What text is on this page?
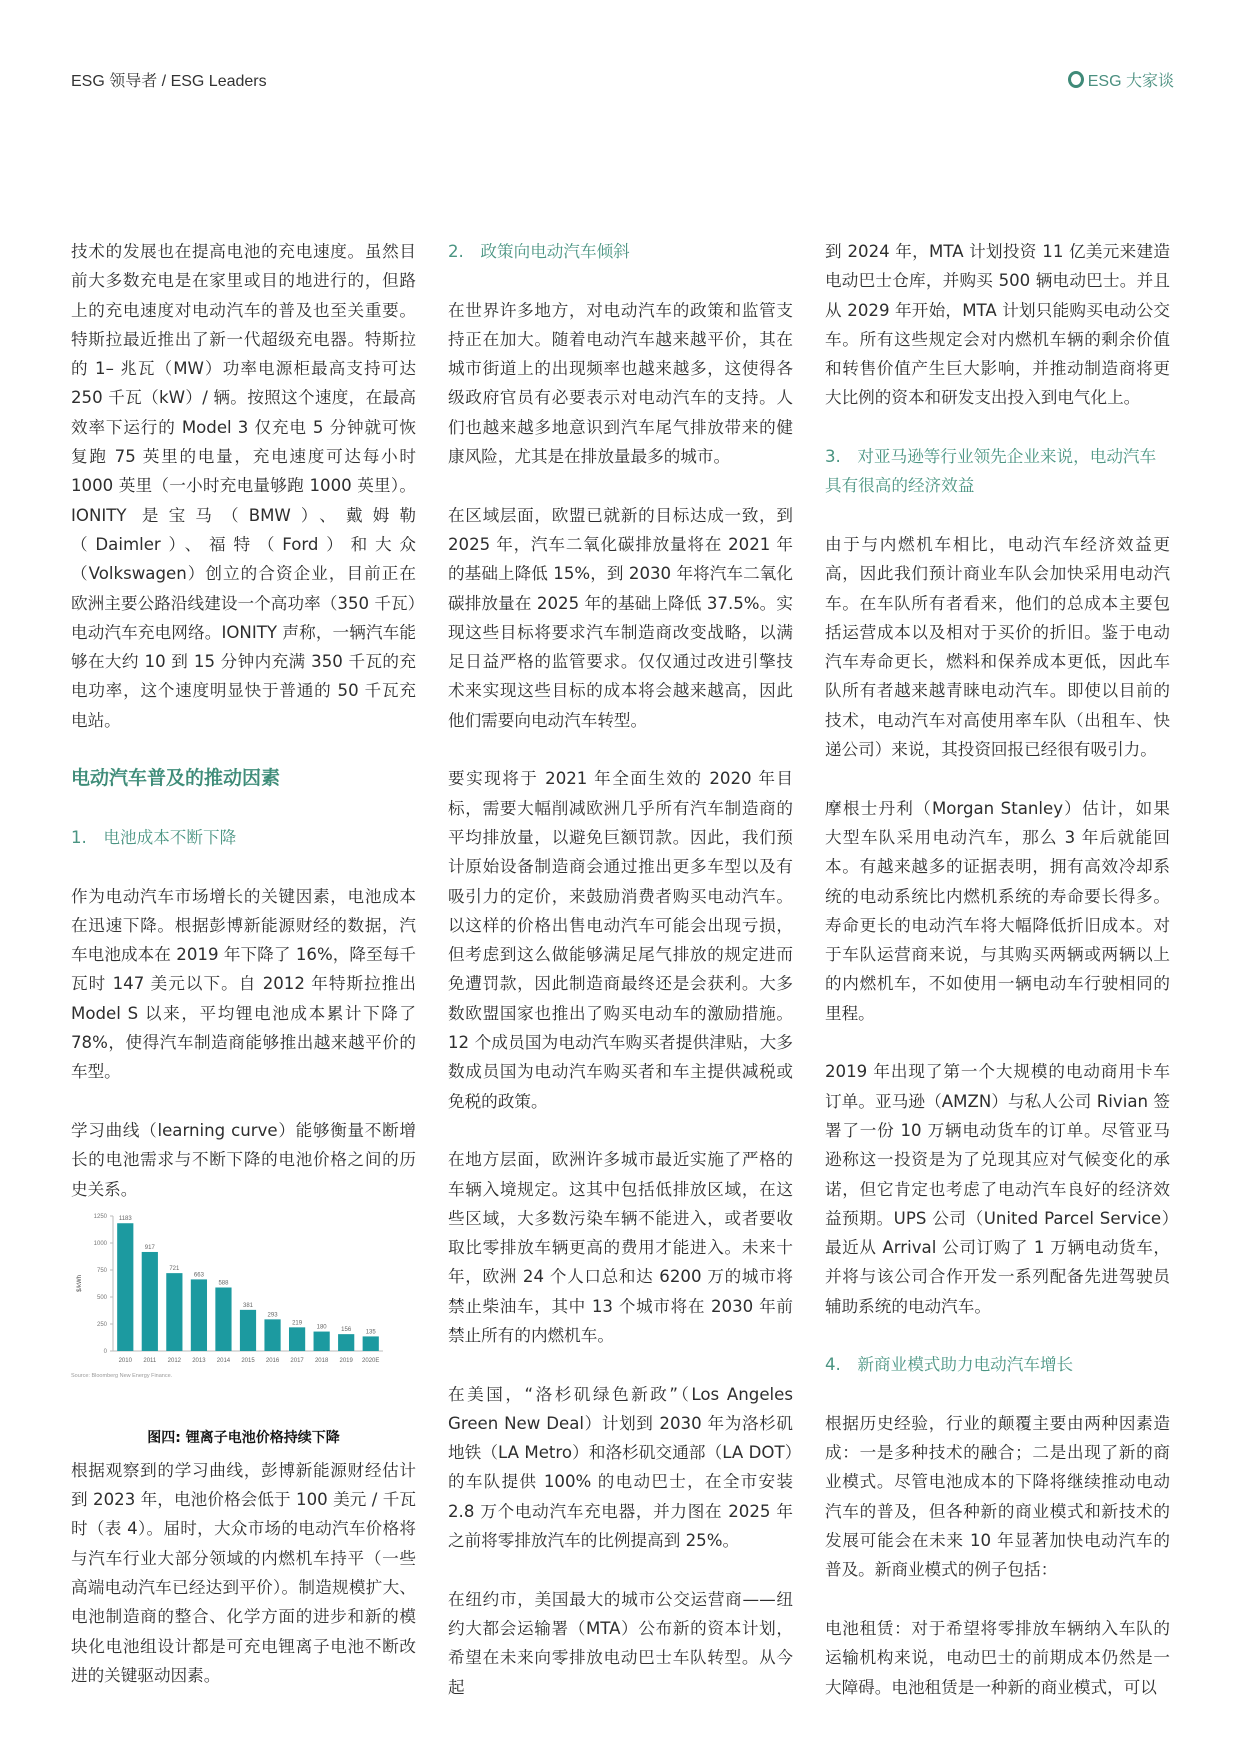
ESG 领导者 / ESG Leaders	ESG 大家谈

技术的发展也在提高电池的充电速度。虽然目前大多数充电是在家里或目的地进行的，但路上的充电速度对电动汽车的普及也至关重要。特斯拉最近推出了新一代超级充电器。特斯拉的 1– 兆瓦（MW）功率电源柜最高支持可达 250 千瓦（kW）/ 辆。按照这个速度，在最高效率下运行的 Model 3 仅充电 5 分钟就可恢复跑 75 英里的电量，充电速度可达每小时 1000 英里（一小时充电量够跑 1000 英里）。IONITY 是宝马（BMW）、戴姆勒（Daimler）、福特（Ford）和大众（Volkswagen）创立的合资企业，目前正在欧洲主要公路沿线建设一个高功率（350 千瓦）电动汽车充电网络。IONITY 声称，一辆汽车能够在大约 10 到 15 分钟内充满 350 千瓦的充电功率，这个速度明显快于普通的 50 千瓦充电站。

电动汽车普及的推动因素
1.　电池成本不断下降

作为电动汽车市场增长的关键因素，电池成本在迅速下降。根据彭博新能源财经的数据，汽车电池成本在 2019 年下降了 16%，降至每千瓦时 147 美元以下。自 2012 年特斯拉推出 Model S 以来，平均锂电池成本累计下降了 78%，使得汽车制造商能够推出越来越平价的车型。

学习曲线（learning curve）能够衡量不断增长的电池需求与不断下降的电池价格之间的历史关系。

0
250
500
750
1000
1250
$/kWh
1183
2010
917
2011
721
2012
663
2013
588
2014
381
2015
293
2016
219
2017
180
2018
156
2019
135
2020E
Source: Bloomberg New Energy Finance.
图四: 锂离子电池价格持续下降

根据观察到的学习曲线，彭博新能源财经估计到 2023 年，电池价格会低于 100 美元 / 千瓦时（表 4）。届时，大众市场的电动汽车价格将与汽车行业大部分领域的内燃机车持平（一些高端电动汽车已经达到平价）。制造规模扩大、电池制造商的整合、化学方面的进步和新的模块化电池组设计都是可充电锂离子电池不断改进的关键驱动因素。

2.　政策向电动汽车倾斜

在世界许多地方，对电动汽车的政策和监管支持正在加大。随着电动汽车越来越平价，其在城市街道上的出现频率也越来越多，这使得各级政府官员有必要表示对电动汽车的支持。人们也越来越多地意识到汽车尾气排放带来的健康风险，尤其是在排放量最多的城市。

在区域层面，欧盟已就新的目标达成一致，到 2025 年，汽车二氧化碳排放量将在 2021 年的基础上降低 15%，到 2030 年将汽车二氧化碳排放量在 2025 年的基础上降低 37.5%。实现这些目标将要求汽车制造商改变战略，以满足日益严格的监管要求。仅仅通过改进引擎技术来实现这些目标的成本将会越来越高，因此他们需要向电动汽车转型。

要实现将于 2021 年全面生效的 2020 年目标，需要大幅削减欧洲几乎所有汽车制造商的平均排放量，以避免巨额罚款。因此，我们预计原始设备制造商会通过推出更多车型以及有吸引力的定价，来鼓励消费者购买电动汽车。以这样的价格出售电动汽车可能会出现亏损，但考虑到这么做能够满足尾气排放的规定进而免遭罚款，因此制造商最终还是会获利。大多数欧盟国家也推出了购买电动车的激励措施。12 个成员国为电动汽车购买者提供津贴，大多数成员国为电动汽车购买者和车主提供减税或免税的政策。

在地方层面，欧洲许多城市最近实施了严格的车辆入境规定。这其中包括低排放区域，在这些区域，大多数污染车辆不能进入，或者要收取比零排放车辆更高的费用才能进入。未来十年，欧洲 24 个人口总和达 6200 万的城市将禁止柴油车，其中 13 个城市将在 2030 年前禁止所有的内燃机车。

在美国，“洛杉矶绿色新政”（Los Angeles Green New Deal）计划到 2030 年为洛杉矶地铁（LA Metro）和洛杉矶交通部（LA DOT）的车队提供 100% 的电动巴士，在全市安装 2.8 万个电动汽车充电器，并力图在 2025 年之前将零排放汽车的比例提高到 25%。

在纽约市，美国最大的城市公交运营商——纽约大都会运输署（MTA）公布新的资本计划，希望在未来向零排放电动巴士车队转型。从今起

到 2024 年，MTA 计划投资 11 亿美元来建造电动巴士仓库，并购买 500 辆电动巴士。并且从 2029 年开始，MTA 计划只能购买电动公交车。所有这些规定会对内燃机车辆的剩余价值和转售价值产生巨大影响，并推动制造商将更大比例的资本和研发支出投入到电气化上。

3.　对亚马逊等行业领先企业来说，电动汽车具有很高的经济效益

由于与内燃机车相比，电动汽车经济效益更高，因此我们预计商业车队会加快采用电动汽车。在车队所有者看来，他们的总成本主要包括运营成本以及相对于买价的折旧。鉴于电动汽车寿命更长，燃料和保养成本更低，因此车队所有者越来越青睐电动汽车。即使以目前的技术，电动汽车对高使用率车队（出租车、快递公司）来说，其投资回报已经很有吸引力。

摩根士丹利（Morgan Stanley）估计，如果大型车队采用电动汽车，那么 3 年后就能回本。有越来越多的证据表明，拥有高效冷却系统的电动系统比内燃机系统的寿命要长得多。寿命更长的电动汽车将大幅降低折旧成本。对于车队运营商来说，与其购买两辆或两辆以上的内燃机车，不如使用一辆电动车行驶相同的里程。

2019 年出现了第一个大规模的电动商用卡车订单。亚马逊（AMZN）与私人公司 Rivian 签署了一份 10 万辆电动货车的订单。尽管亚马逊称这一投资是为了兑现其应对气候变化的承诺，但它肯定也考虑了电动汽车良好的经济效益预期。UPS 公司（United Parcel Service）最近从 Arrival 公司订购了 1 万辆电动货车，并将与该公司合作开发一系列配备先进驾驶员辅助系统的电动汽车。

4.　新商业模式助力电动汽车增长

根据历史经验，行业的颠覆主要由两种因素造成：一是多种技术的融合；二是出现了新的商业模式。尽管电池成本的下降将继续推动电动汽车的普及，但各种新的商业模式和新技术的发展可能会在未来 10 年显著加快电动汽车的普及。新商业模式的例子包括：

电池租赁：对于希望将零排放车辆纳入车队的运输机构来说，电动巴士的前期成本仍然是一大障碍。电池租赁是一种新的商业模式，可以
